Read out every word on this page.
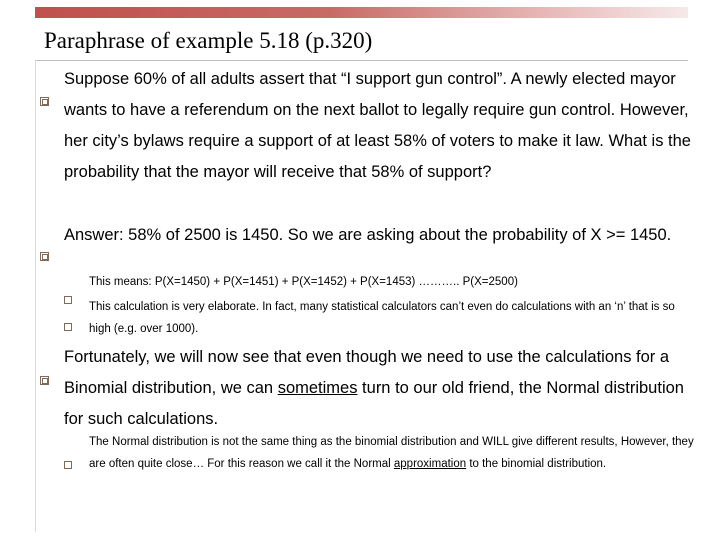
Paraphrase of example 5.18 (p.320)
Suppose 60% of all adults assert that “I support gun control”. A newly elected mayor wants to have a referendum on the next ballot to legally require gun control. However, her city’s bylaws require a support of at least 58% of voters to make it law. What is the probability that the mayor will receive that 58% of support?
Answer: 58% of 2500 is 1450. So we are asking about the probability of X >= 1450.
This means: P(X=1450) + P(X=1451) + P(X=1452) + P(X=1453) ……….. P(X=2500)
This calculation is very elaborate. In fact, many statistical calculators can’t even do calculations with an ‘n’ that is so high (e.g. over 1000).
Fortunately, we will now see that even though we need to use the calculations for a Binomial distribution, we can sometimes turn to our old friend, the Normal distribution for such calculations.
The Normal distribution is not the same thing as the binomial distribution and WILL give different results, However, they are often quite close… For this reason we call it the Normal approximation to the binomial distribution.
